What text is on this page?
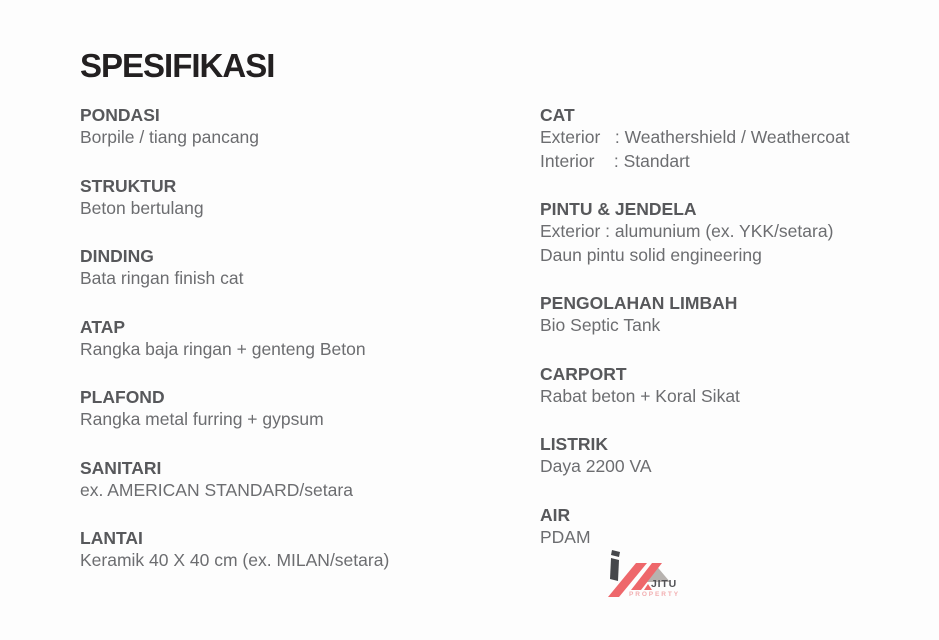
SPESIFIKASI
PONDASI
Borpile / tiang pancang
STRUKTUR
Beton bertulang
DINDING
Bata ringan finish cat
ATAP
Rangka baja ringan + genteng Beton
PLAFOND
Rangka metal furring + gypsum
SANITARI
ex. AMERICAN STANDARD/setara
LANTAI
Keramik 40 X 40 cm (ex. MILAN/setara)
CAT
Exterior   : Weathershield / Weathercoat
Interior    : Standart
PINTU & JENDELA
Exterior : alumunium (ex. YKK/setara)
Daun pintu solid engineering
PENGOLAHAN LIMBAH
Bio Septic Tank
CARPORT
Rabat beton + Koral Sikat
LISTRIK
Daya 2200 VA
AIR
PDAM
JITU
PROPERTY
